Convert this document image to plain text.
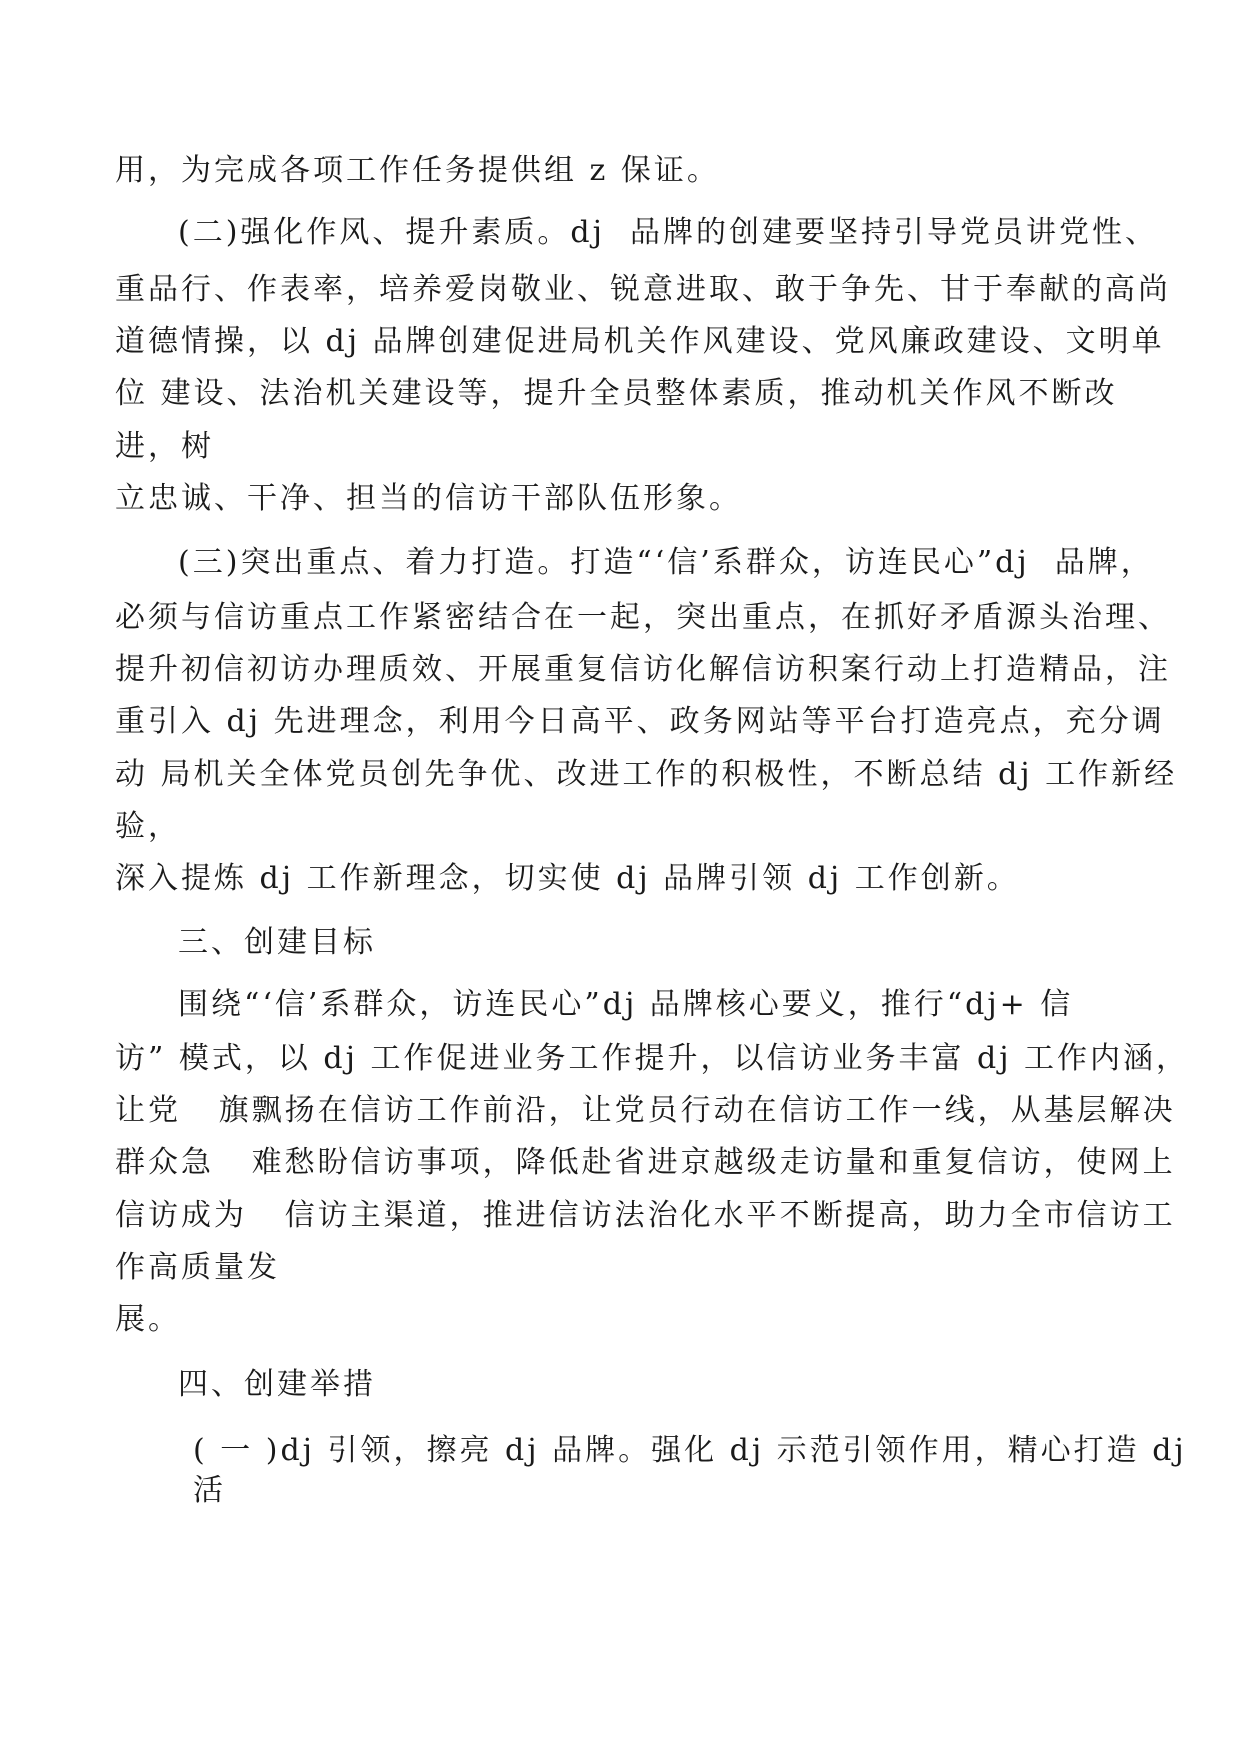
用，为完成各项工作任务提供组 z 保证。

(二)强化作风、提升素质。dj  品牌的创建要坚持引导党员讲党性、

重品行、作表率，培养爱岗敬业、锐意进取、敢于争先、甘于奉献的高尚

道德情操，以 dj 品牌创建促进局机关作风建设、党风廉政建设、文明单

位 建设、法治机关建设等，提升全员整体素质，推动机关作风不断改

进，树

立忠诚、干净、担当的信访干部队伍形象。

(三)突出重点、着力打造。打造“‘信’系群众，访连民心”dj  品牌，

必须与信访重点工作紧密结合在一起，突出重点，在抓好矛盾源头治理、

提升初信初访办理质效、开展重复信访化解信访积案行动上打造精品，注

重引入 dj 先进理念，利用今日高平、政务网站等平台打造亮点，充分调

动 局机关全体党员创先争优、改进工作的积极性，不断总结 dj 工作新经

验，

深入提炼 dj 工作新理念，切实使 dj 品牌引领 dj 工作创新。

三、创建目标

围绕“‘信’系群众，访连民心”dj 品牌核心要义，推行“dj+ 信

访” 模式，以 dj 工作促进业务工作提升，以信访业务丰富 dj 工作内涵，

让党   旗飘扬在信访工作前沿，让党员行动在信访工作一线，从基层解决

群众急   难愁盼信访事项，降低赴省进京越级走访量和重复信访，使网上

信访成为   信访主渠道，推进信访法治化水平不断提高，助力全市信访工

作高质量发

展。

四、创建举措

( 一 )dj 引领，擦亮 dj 品牌。强化 dj 示范引领作用，精心打造 dj

活
